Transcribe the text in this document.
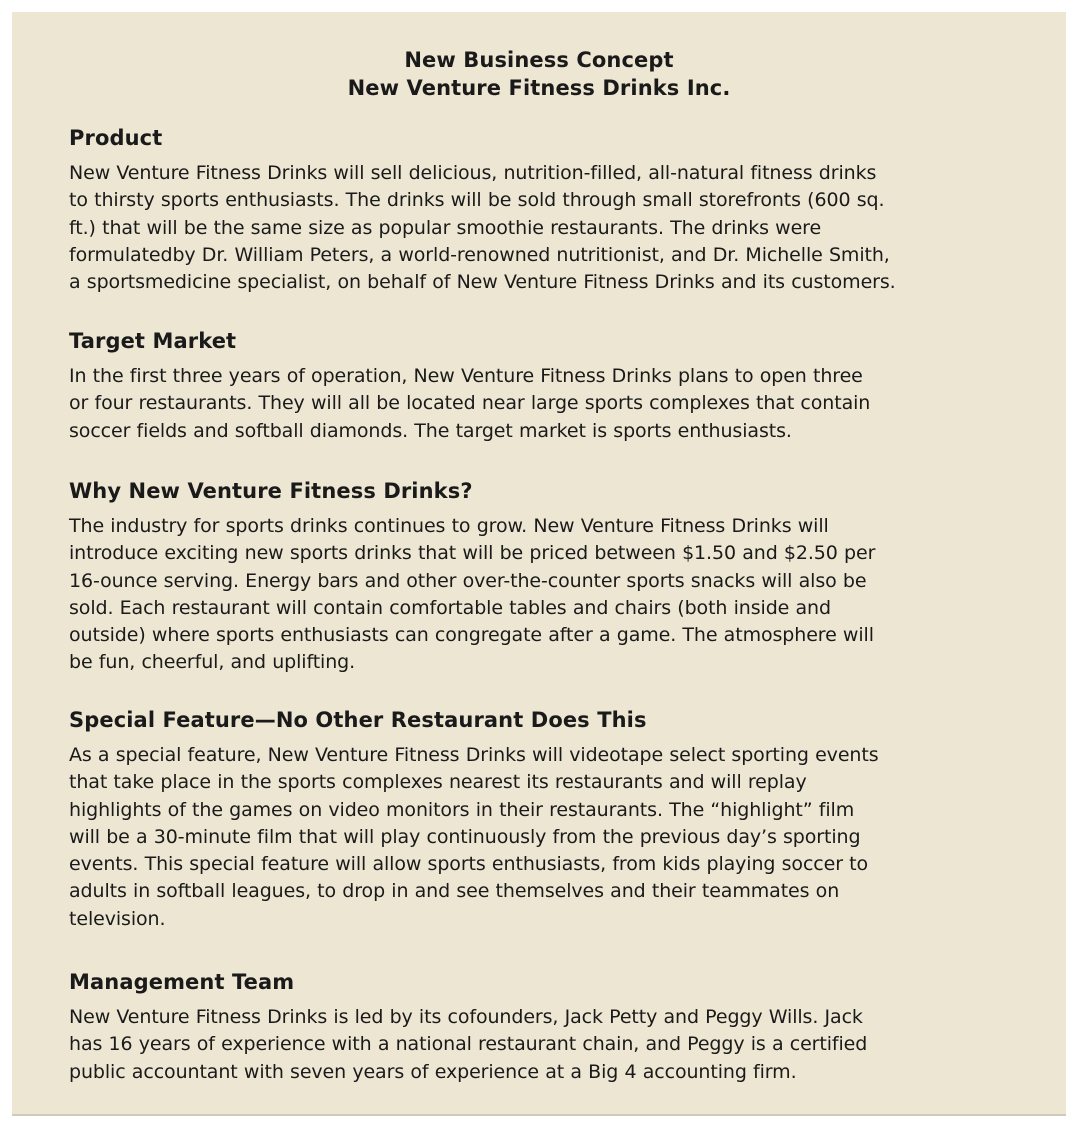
New Business Concept
New Venture Fitness Drinks Inc.
Product

New Venture Fitness Drinks will sell delicious, nutrition-filled, all-natural fitness drinks
to thirsty sports enthusiasts. The drinks will be sold through small storefronts (600 sq.
ft.) that will be the same size as popular smoothie restaurants. The drinks were
formulatedby Dr. William Peters, a world-renowned nutritionist, and Dr. Michelle Smith,
a sportsmedicine specialist, on behalf of New Venture Fitness Drinks and its customers.

Target Market

In the first three years of operation, New Venture Fitness Drinks plans to open three
or four restaurants. They will all be located near large sports complexes that contain
soccer fields and softball diamonds. The target market is sports enthusiasts.

Why New Venture Fitness Drinks?

The industry for sports drinks continues to grow. New Venture Fitness Drinks will
introduce exciting new sports drinks that will be priced between $1.50 and $2.50 per
16-ounce serving. Energy bars and other over-the-counter sports snacks will also be
sold. Each restaurant will contain comfortable tables and chairs (both inside and
outside) where sports enthusiasts can congregate after a game. The atmosphere will
be fun, cheerful, and uplifting.

Special Feature—No Other Restaurant Does This

As a special feature, New Venture Fitness Drinks will videotape select sporting events
that take place in the sports complexes nearest its restaurants and will replay
highlights of the games on video monitors in their restaurants. The “highlight” film
will be a 30-minute film that will play continuously from the previous day’s sporting
events. This special feature will allow sports enthusiasts, from kids playing soccer to
adults in softball leagues, to drop in and see themselves and their teammates on
television.

Management Team

New Venture Fitness Drinks is led by its cofounders, Jack Petty and Peggy Wills. Jack
has 16 years of experience with a national restaurant chain, and Peggy is a certified
public accountant with seven years of experience at a Big 4 accounting firm.
